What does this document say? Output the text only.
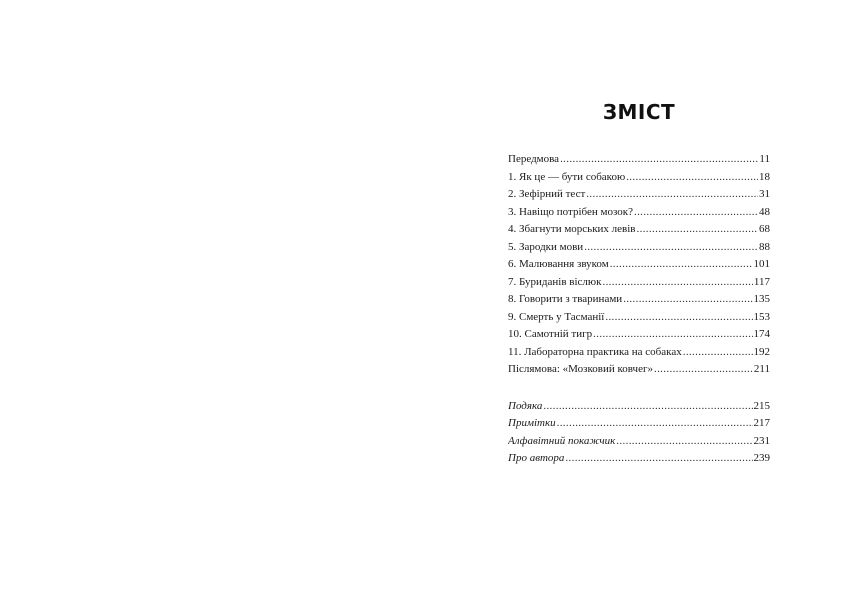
ЗМІСТ
Передмова . . .	11
1. Як це — бути собакою . . .	18
2. Зефірний тест . . .	31
3. Навіщо потрібен мозок? . . .	48
4. Збагнути морських левів . . .	68
5. Зародки мови . . .	88
6. Малювання звуком . . .	101
7. Буриданів віслюк . . .	117
8. Говорити з тваринами . . .	135
9. Смерть у Тасманії . . .	153
10. Самотній тигр . . .	174
11. Лабораторна практика на собаках . . .	192
Післямова: «Мозковий ковчег» . . .	211
Подяка . . .	215
Примітки . . .	217
Алфавітний покажчик . . .	231
Про автора . . .	239
